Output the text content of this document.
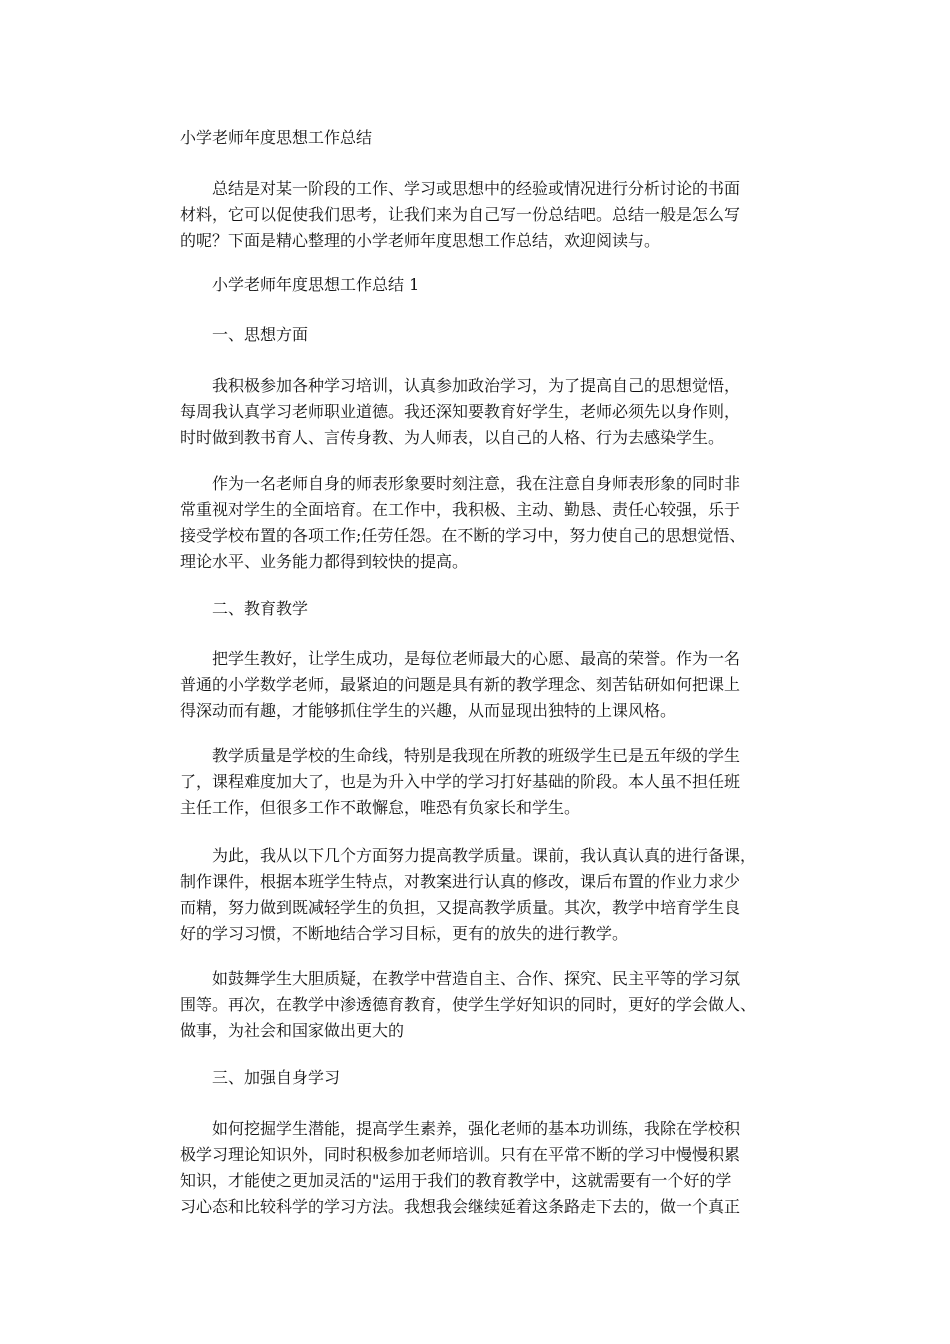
小学老师年度思想工作总结

　　总结是对某一阶段的工作、学习或思想中的经验或情况进行分析讨论的书面
材料，它可以促使我们思考，让我们来为自己写一份总结吧。总结一般是怎么写
的呢？下面是精心整理的小学老师年度思想工作总结，欢迎阅读与。

　　小学老师年度思想工作总结 1

　　一、思想方面

　　我积极参加各种学习培训，认真参加政治学习，为了提高自己的思想觉悟，
每周我认真学习老师职业道德。我还深知要教育好学生，老师必须先以身作则，
时时做到教书育人、言传身教、为人师表，以自己的人格、行为去感染学生。

　　作为一名老师自身的师表形象要时刻注意，我在注意自身师表形象的同时非
常重视对学生的全面培育。在工作中，我积极、主动、勤恳、责任心较强，乐于
接受学校布置的各项工作;任劳任怨。在不断的学习中，努力使自己的思想觉悟、
理论水平、业务能力都得到较快的提高。

　　二、教育教学

　　把学生教好，让学生成功，是每位老师最大的心愿、最高的荣誉。作为一名
普通的小学数学老师，最紧迫的问题是具有新的教学理念、刻苦钻研如何把课上
得深动而有趣，才能够抓住学生的兴趣，从而显现出独特的上课风格。

　　教学质量是学校的生命线，特别是我现在所教的班级学生已是五年级的学生
了，课程难度加大了，也是为升入中学的学习打好基础的阶段。本人虽不担任班
主任工作，但很多工作不敢懈怠，唯恐有负家长和学生。

　　为此，我从以下几个方面努力提高教学质量。课前，我认真认真的进行备课，
制作课件，根据本班学生特点，对教案进行认真的修改，课后布置的作业力求少
而精，努力做到既减轻学生的负担，又提高教学质量。其次，教学中培育学生良
好的学习习惯，不断地结合学习目标，更有的放失的进行教学。

　　如鼓舞学生大胆质疑，在教学中营造自主、合作、探究、民主平等的学习氛
围等。再次，在教学中渗透德育教育，使学生学好知识的同时，更好的学会做人、
做事，为社会和国家做出更大的

　　三、加强自身学习

　　如何挖掘学生潜能，提高学生素养，强化老师的基本功训练，我除在学校积
极学习理论知识外，同时积极参加老师培训。只有在平常不断的学习中慢慢积累
知识，才能使之更加灵活的"运用于我们的教育教学中，这就需要有一个好的学
习心态和比较科学的学习方法。我想我会继续延着这条路走下去的，做一个真正
